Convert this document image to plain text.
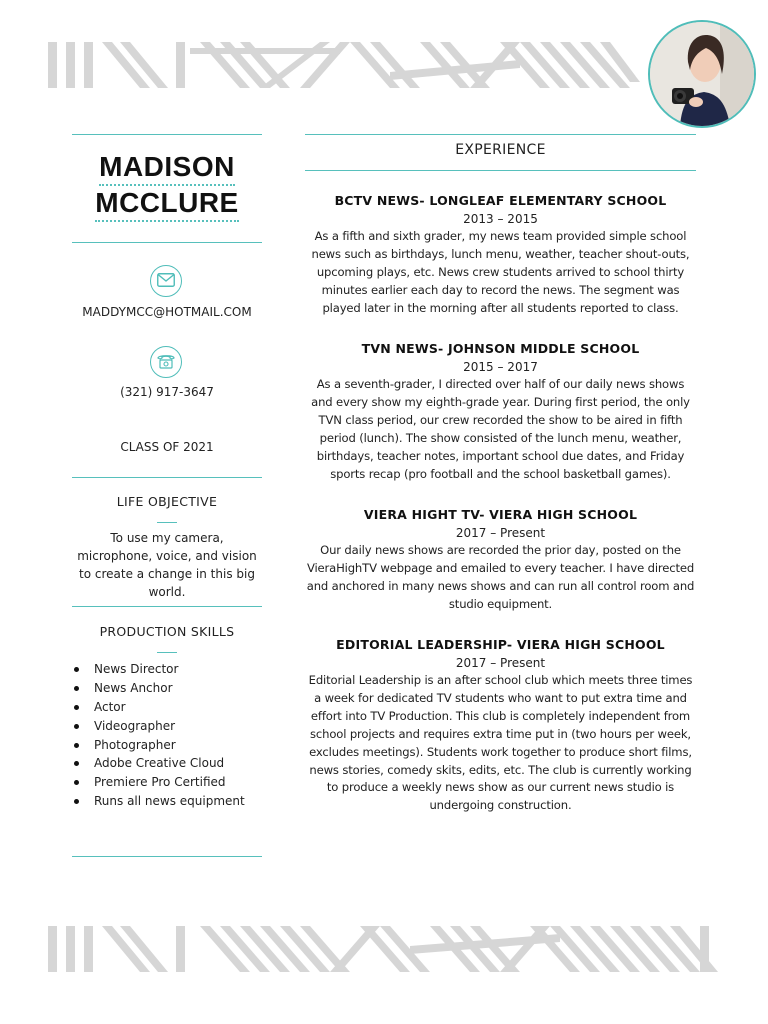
MADISON
MCCLURE
MADDYMCC@HOTMAIL.COM
(321) 917-3647
CLASS OF 2021
LIFE OBJECTIVE
To use my camera, microphone, voice, and vision to create a change in this big world.
PRODUCTION SKILLS
News Director
News Anchor
Actor
Videographer
Photographer
Adobe Creative Cloud
Premiere Pro Certified
Runs all news equipment
EXPERIENCE
BCTV NEWS- LONGLEAF ELEMENTARY SCHOOL
2013 – 2015
As a fifth and sixth grader, my news team provided simple school news such as birthdays, lunch menu, weather, teacher shout-outs, upcoming plays, etc. News crew students arrived to school thirty minutes earlier each day to record the news. The segment was played later in the morning after all students reported to class.
TVN NEWS- JOHNSON MIDDLE SCHOOL
2015 – 2017
As a seventh-grader, I directed over half of our daily news shows and every show my eighth-grade year. During first period, the only TVN class period, our crew recorded the show to be aired in fifth period (lunch). The show consisted of the lunch menu, weather, birthdays, teacher notes, important school due dates, and Friday sports recap (pro football and the school basketball games).
VIERA HIGHT TV- VIERA HIGH SCHOOL
2017 – Present
Our daily news shows are recorded the prior day, posted on the VieraHighTV webpage and emailed to every teacher. I have directed and anchored in many news shows and can run all control room and studio equipment.
EDITORIAL LEADERSHIP- VIERA HIGH SCHOOL
2017 – Present
Editorial Leadership is an after school club which meets three times a week for dedicated TV students who want to put extra time and effort into TV Production. This club is completely independent from school projects and requires extra time put in (two hours per week, excludes meetings). Students work together to produce short films, news stories, comedy skits, edits, etc. The club is currently working to produce a weekly news show as our current news studio is undergoing construction.
